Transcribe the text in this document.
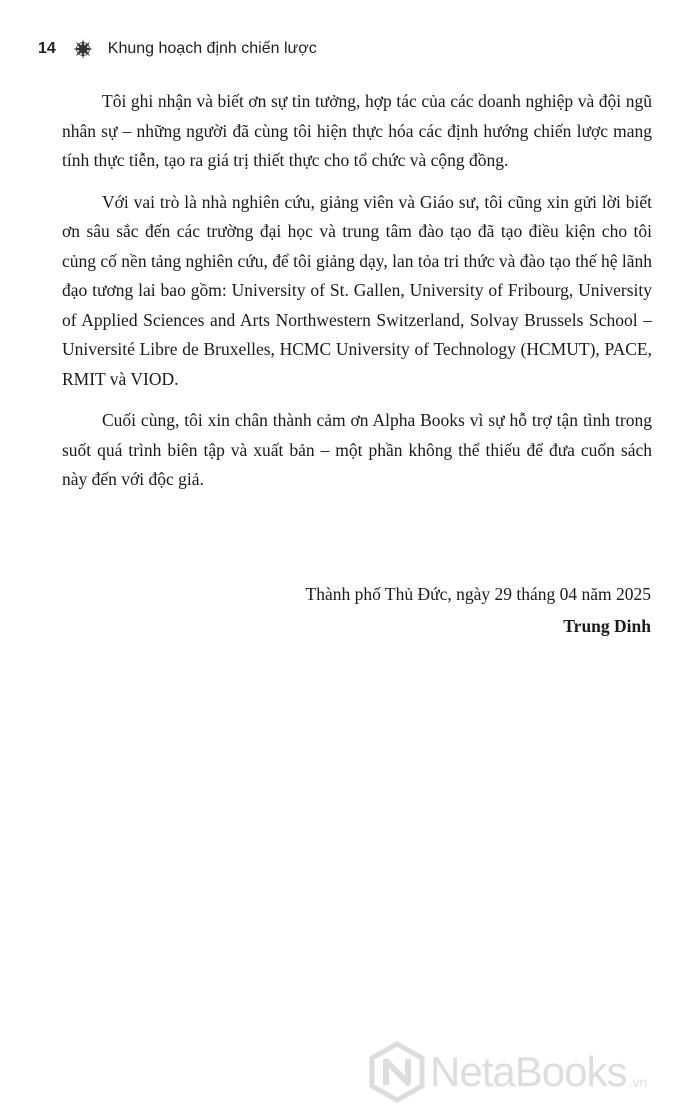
14	Khung hoạch định chiến lược

Tôi ghi nhận và biết ơn sự tin tưởng, hợp tác của các doanh nghiệp và đội ngũ nhân sự – những người đã cùng tôi hiện thực hóa các định hướng chiến lược mang tính thực tiễn, tạo ra giá trị thiết thực cho tổ chức và cộng đồng.

Với vai trò là nhà nghiên cứu, giảng viên và Giáo sư, tôi cũng xin gửi lời biết ơn sâu sắc đến các trường đại học và trung tâm đào tạo đã tạo điều kiện cho tôi củng cố nền tảng nghiên cứu, để tôi giảng dạy, lan tỏa tri thức và đào tạo thế hệ lãnh đạo tương lai bao gồm: University of St. Gallen, University of Fribourg, University of Applied Sciences and Arts Northwestern Switzerland, Solvay Brussels School – Université Libre de Bruxelles, HCMC University of Technology (HCMUT), PACE, RMIT và VIOD.

Cuối cùng, tôi xin chân thành cảm ơn Alpha Books vì sự hỗ trợ tận tình trong suốt quá trình biên tập và xuất bản – một phần không thể thiếu để đưa cuốn sách này đến với độc giả.

Thành phố Thủ Đức, ngày 29 tháng 04 năm 2025
Trung Dinh
NetaBooks .vn
